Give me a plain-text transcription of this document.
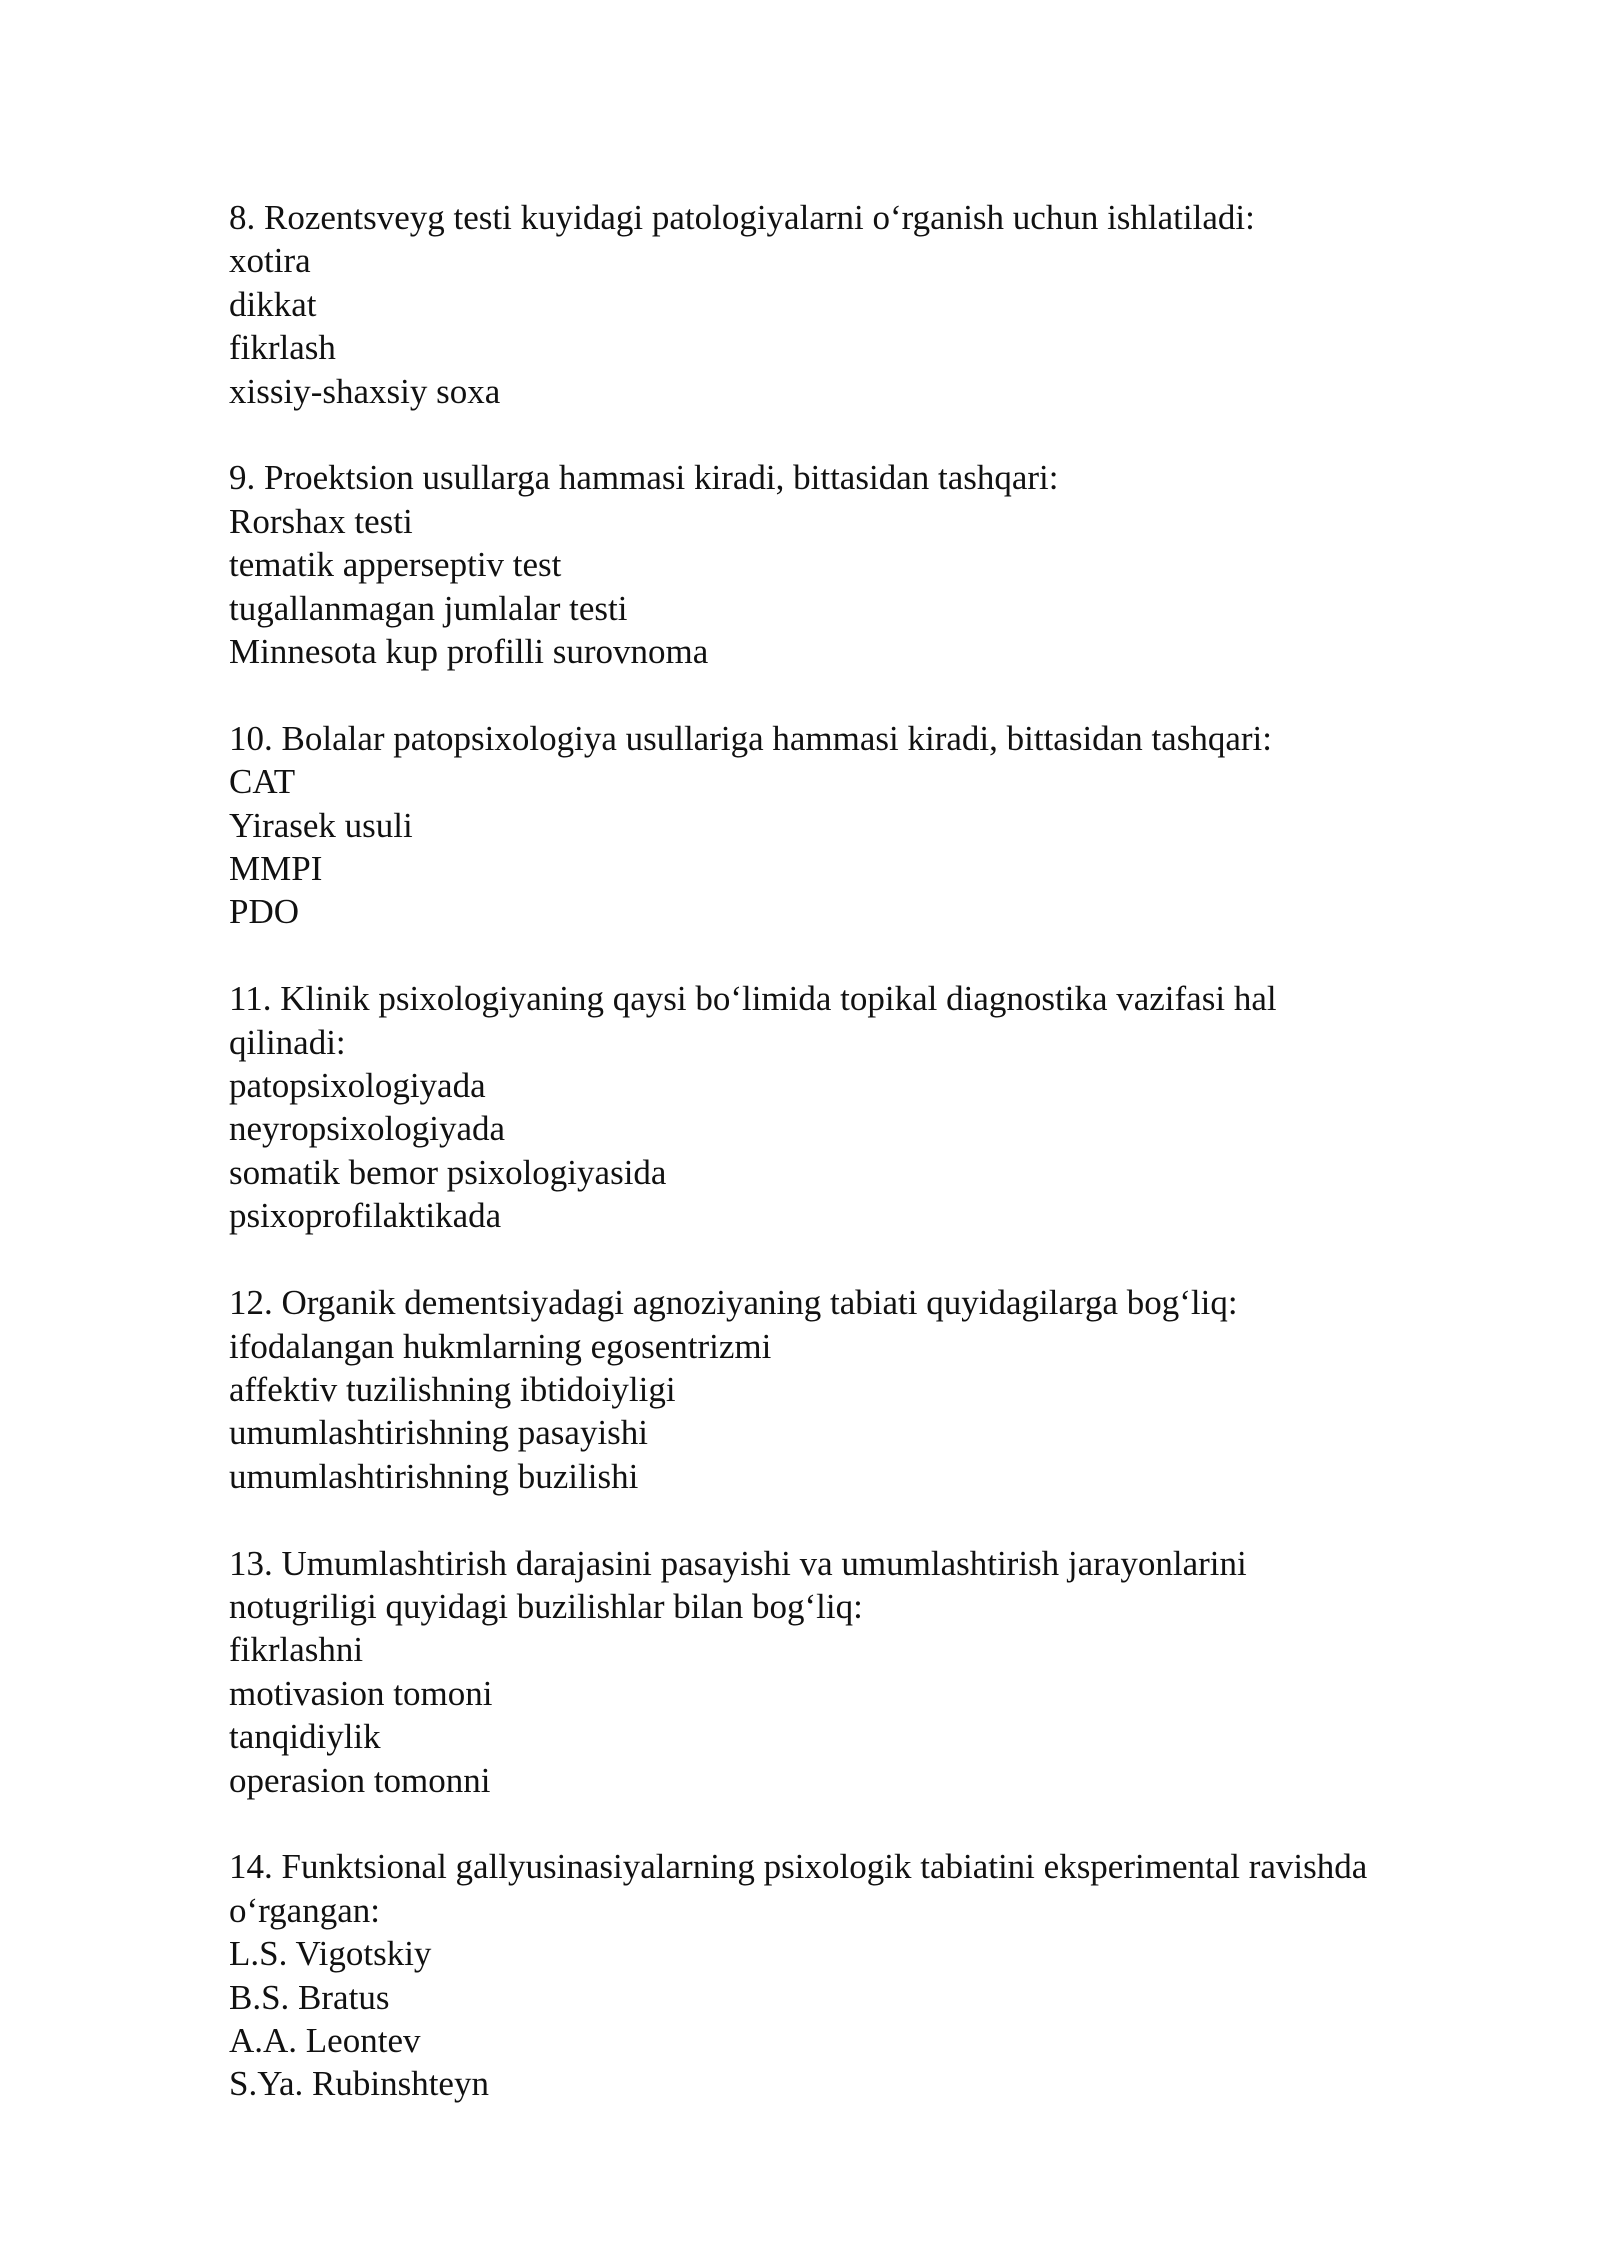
8. Rozentsveyg testi kuyidagi patologiyalarni o‘rganish uchun ishlatiladi:
xotira
dikkat
fikrlash
xissiy-shaxsiy soxa
9. Proektsion usullarga hammasi kiradi, bittasidan tashqari:
Rorshax testi
tematik apperseptiv test
tugallanmagan jumlalar testi
Minnesota kup profilli surovnoma
10. Bolalar patopsixologiya usullariga hammasi kiradi, bittasidan tashqari:
CAT
Yirasek usuli
MMPI
PDO
11. Klinik psixologiyaning qaysi bo‘limida topikal diagnostika vazifasi hal
qilinadi:
patopsixologiyada
neyropsixologiyada
somatik bemor psixologiyasida
psixoprofilaktikada
12. Organik dementsiyadagi agnoziyaning tabiati quyidagilarga bog‘liq:
ifodalangan hukmlarning egosentrizmi
affektiv tuzilishning ibtidoiyligi
umumlashtirishning pasayishi
umumlashtirishning buzilishi
13. Umumlashtirish darajasini pasayishi va umumlashtirish jarayonlarini
notugriligi quyidagi buzilishlar bilan bog‘liq:
fikrlashni
motivasion tomoni
tanqidiylik
operasion tomonni
14. Funktsional gallyusinasiyalarning psixologik tabiatini eksperimental ravishda
o‘rgangan:
L.S. Vigotskiy
B.S. Bratus
A.A. Leontev
S.Ya. Rubinshteyn
